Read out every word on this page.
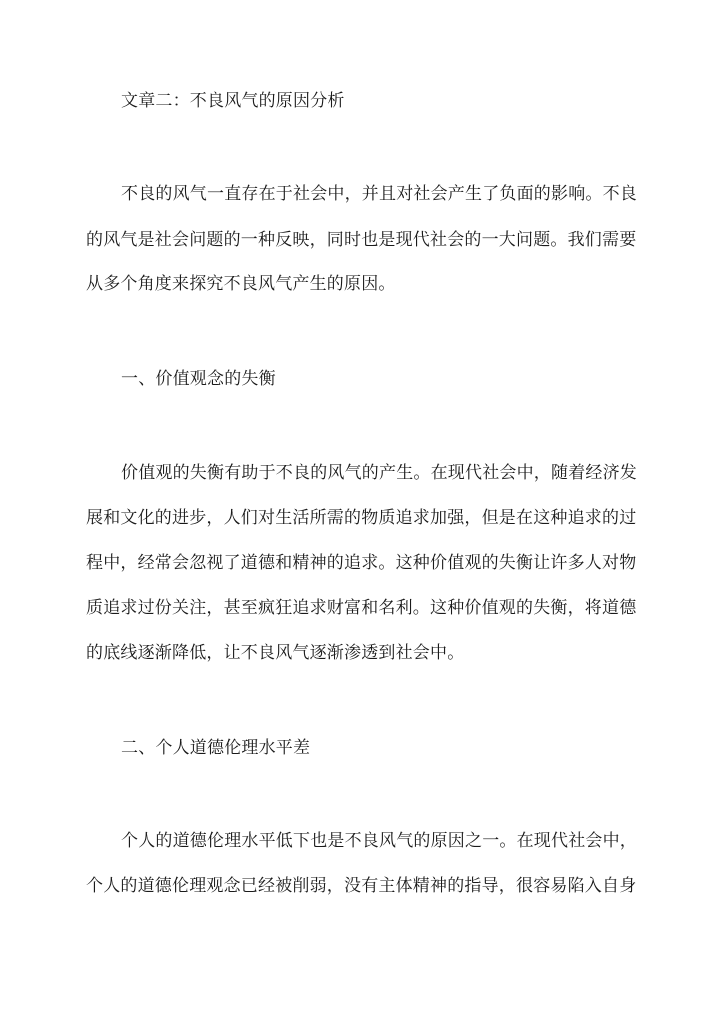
文章二：不良风气的原因分析
不良的风气一直存在于社会中，并且对社会产生了负面的影响。不良
的风气是社会问题的一种反映，同时也是现代社会的一大问题。我们需要
从多个角度来探究不良风气产生的原因。
一、价值观念的失衡
价值观的失衡有助于不良的风气的产生。在现代社会中，随着经济发
展和文化的进步，人们对生活所需的物质追求加强，但是在这种追求的过
程中，经常会忽视了道德和精神的追求。这种价值观的失衡让许多人对物
质追求过份关注，甚至疯狂追求财富和名利。这种价值观的失衡，将道德
的底线逐渐降低，让不良风气逐渐渗透到社会中。
二、个人道德伦理水平差
个人的道德伦理水平低下也是不良风气的原因之一。在现代社会中，
个人的道德伦理观念已经被削弱，没有主体精神的指导，很容易陷入自身
